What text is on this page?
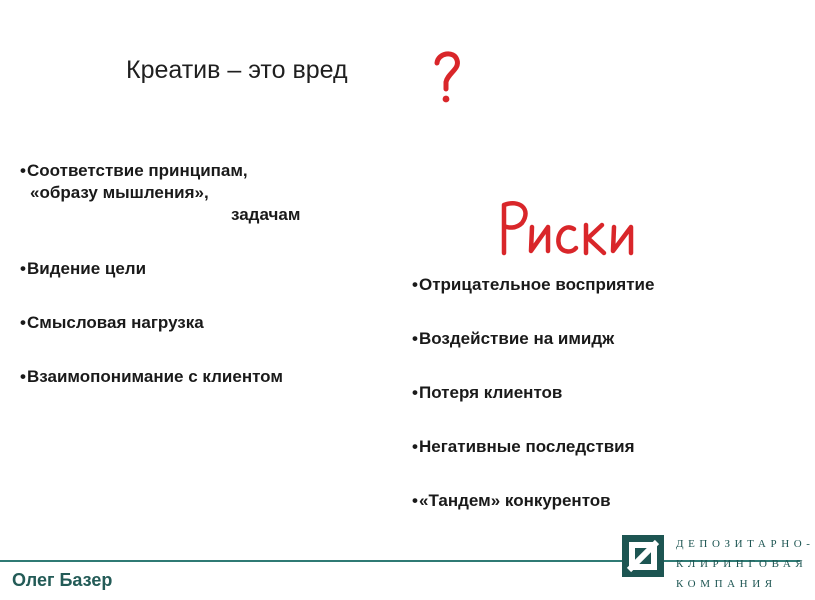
Креатив – это вред
•Соответствие принципам,
«образу мышления»,
задачам
•Видение цели
•Смысловая нагрузка
•Взаимопонимание с клиентом
•Отрицательное восприятие
•Воздействие на имидж
•Потеря клиентов
•Негативные последствия
•«Тандем» конкурентов
Олег Базер
ДЕПОЗИТАРНО-
КЛИРИНГОВАЯ
КОМПАНИЯ
